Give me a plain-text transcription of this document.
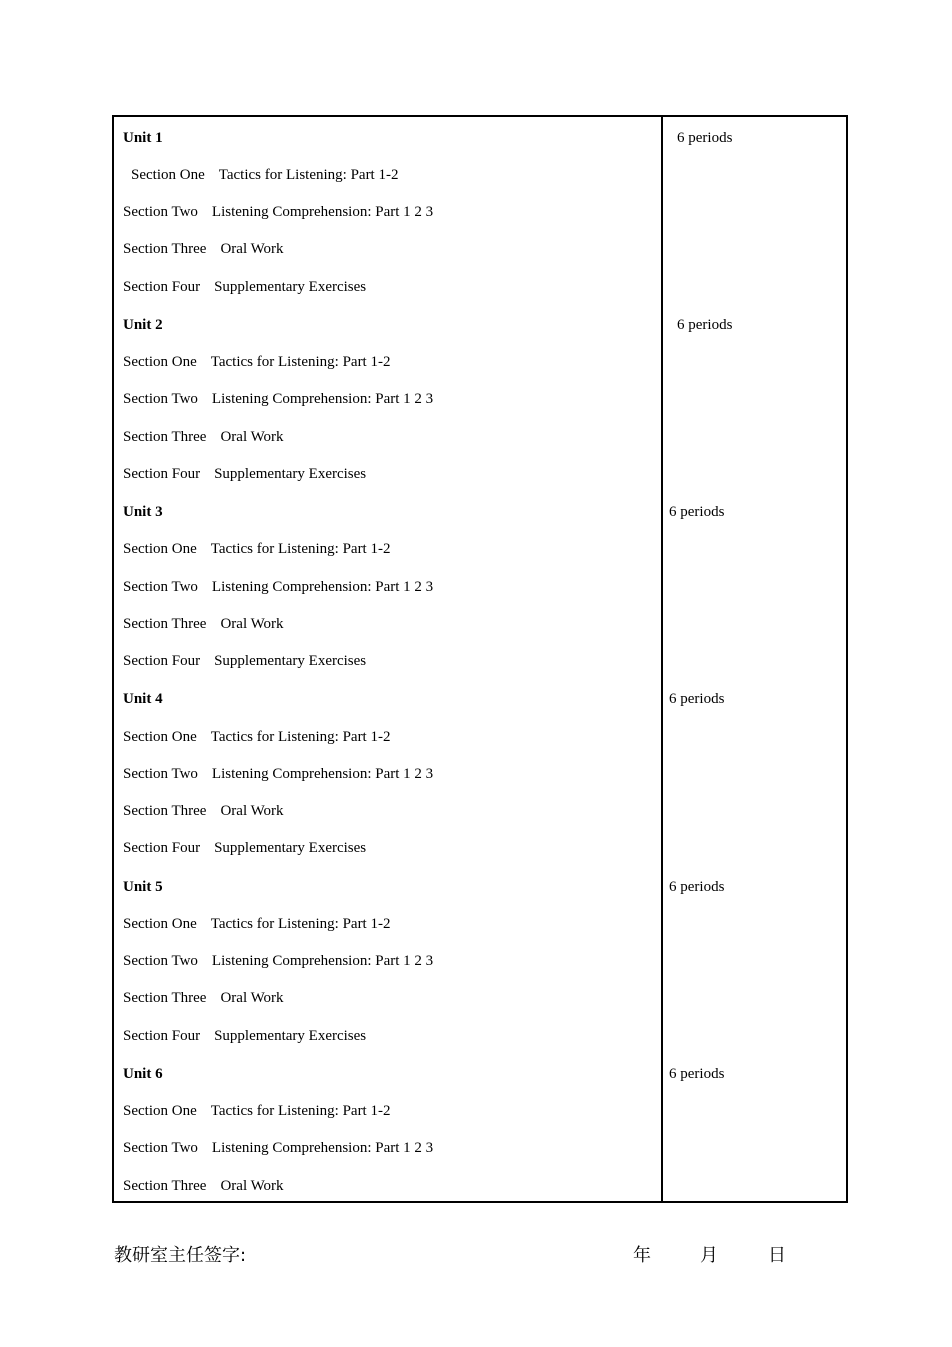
Unit 1	6 periods
Section One Tactics for Listening: Part 1-2
Section Two Listening Comprehension: Part 1 2 3
Section Three Oral Work
Section Four Supplementary Exercises
Unit 2	6 periods
Section One Tactics for Listening: Part 1-2
Section Two Listening Comprehension: Part 1 2 3
Section Three Oral Work
Section Four Supplementary Exercises
Unit 3	6 periods
Section One Tactics for Listening: Part 1-2
Section Two Listening Comprehension: Part 1 2 3
Section Three Oral Work
Section Four Supplementary Exercises
Unit 4	6 periods
Section One Tactics for Listening: Part 1-2
Section Two Listening Comprehension: Part 1 2 3
Section Three Oral Work
Section Four Supplementary Exercises
Unit 5	6 periods
Section One Tactics for Listening: Part 1-2
Section Two Listening Comprehension: Part 1 2 3
Section Three Oral Work
Section Four Supplementary Exercises
Unit 6	6 periods
Section One Tactics for Listening: Part 1-2
Section Two Listening Comprehension: Part 1 2 3
Section Three Oral Work
教研室主任签字:	年	月	日
